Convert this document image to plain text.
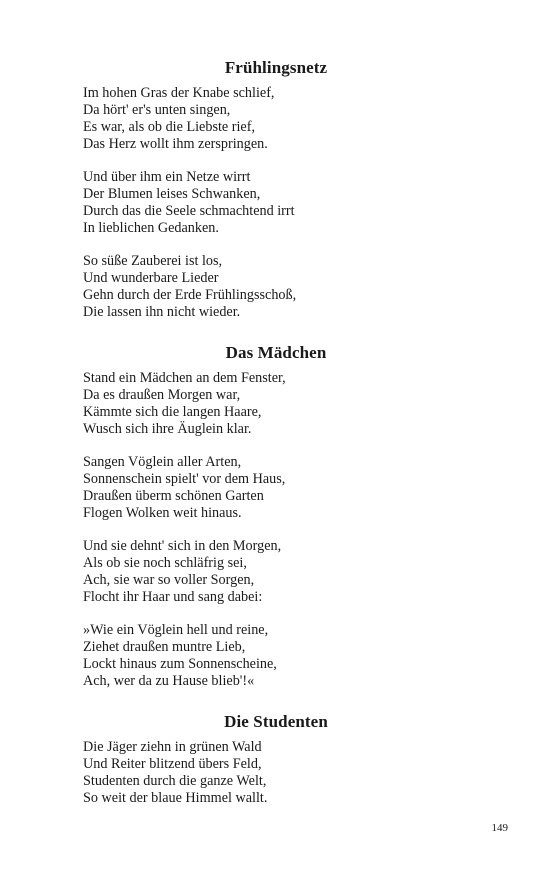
Frühlingsnetz
Im hohen Gras der Knabe schlief,
Da hört' er's unten singen,
Es war, als ob die Liebste rief,
Das Herz wollt ihm zerspringen.
Und über ihm ein Netze wirrt
Der Blumen leises Schwanken,
Durch das die Seele schmachtend irrt
In lieblichen Gedanken.
So süße Zauberei ist los,
Und wunderbare Lieder
Gehn durch der Erde Frühlingsschoß,
Die lassen ihn nicht wieder.
Das Mädchen
Stand ein Mädchen an dem Fenster,
Da es draußen Morgen war,
Kämmte sich die langen Haare,
Wusch sich ihre Äuglein klar.
Sangen Vöglein aller Arten,
Sonnenschein spielt' vor dem Haus,
Draußen überm schönen Garten
Flogen Wolken weit hinaus.
Und sie dehnt' sich in den Morgen,
Als ob sie noch schläfrig sei,
Ach, sie war so voller Sorgen,
Flocht ihr Haar und sang dabei:
»Wie ein Vöglein hell und reine,
Ziehet draußen muntre Lieb,
Lockt hinaus zum Sonnenscheine,
Ach, wer da zu Hause blieb'!«
Die Studenten
Die Jäger ziehn in grünen Wald
Und Reiter blitzend übers Feld,
Studenten durch die ganze Welt,
So weit der blaue Himmel wallt.
149
